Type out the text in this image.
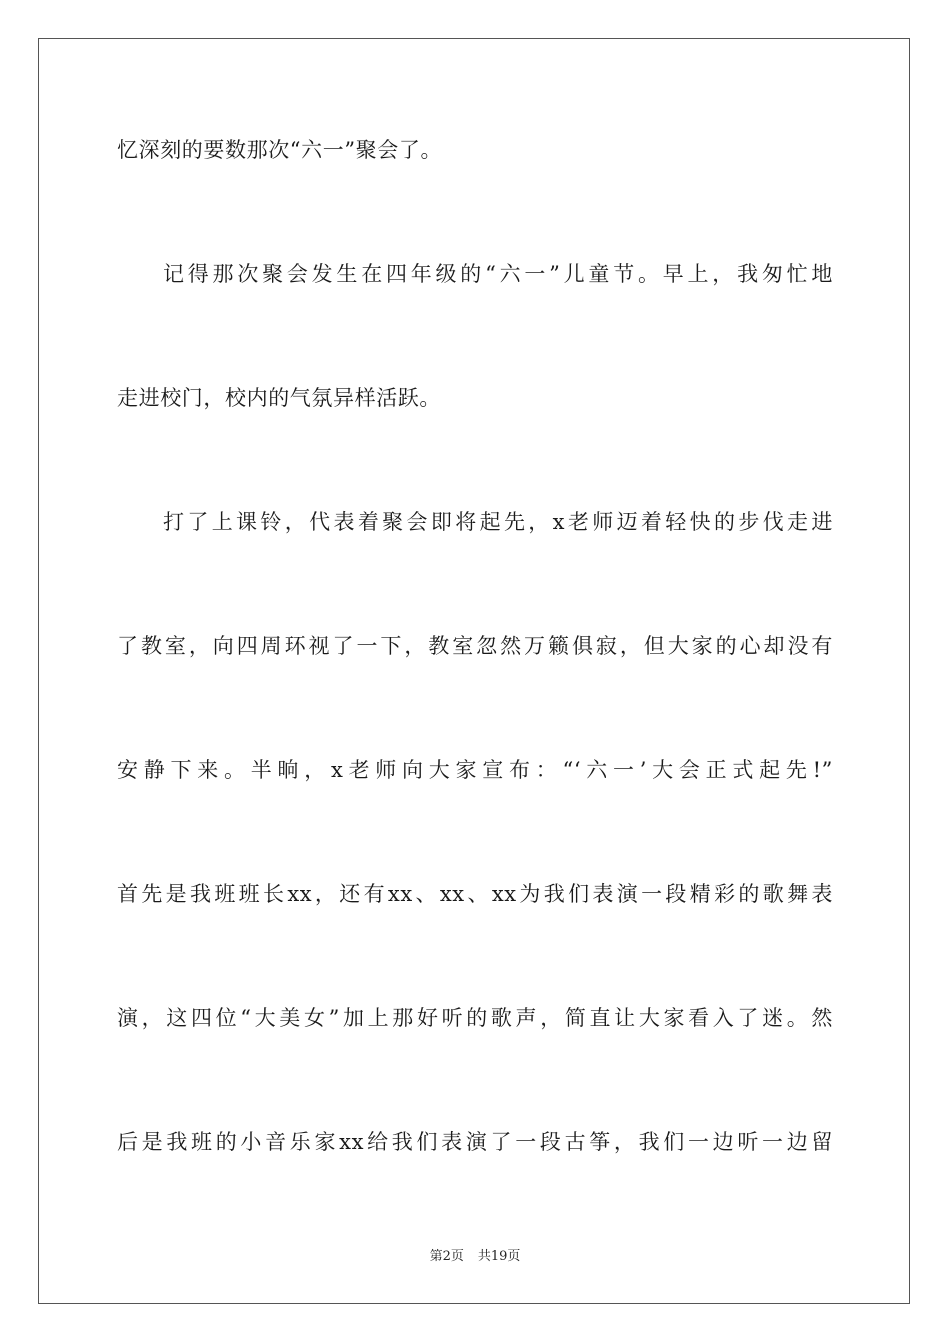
忆深刻的要数那次“六一”聚会了。
记得那次聚会发生在四年级的“六一”儿童节。早上，我匆忙地
走进校门，校内的气氛异样活跃。
打了上课铃，代表着聚会即将起先，x老师迈着轻快的步伐走进
了教室，向四周环视了一下，教室忽然万籁俱寂，但大家的心却没有
安静下来。半晌，x老师向大家宣布：“‘六一’大会正式起先!”
首先是我班班长xx，还有xx、xx、xx为我们表演一段精彩的歌舞表
演，这四位“大美女”加上那好听的歌声，简直让大家看入了迷。然
后是我班的小音乐家xx给我们表演了一段古筝，我们一边听一边留
第2页 共19页
